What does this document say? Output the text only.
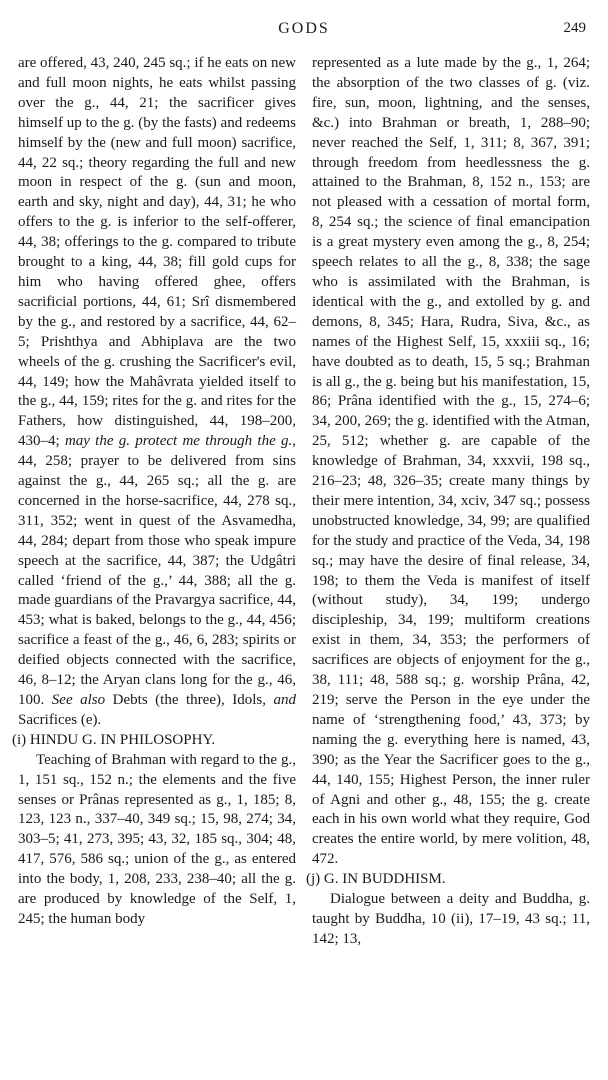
GODS	249

are offered, 43, 240, 245 sq.; if he eats on new and full moon nights, he eats whilst passing over the g., 44, 21; the sacrificer gives himself up to the g. (by the fasts) and redeems himself by the (new and full moon) sacrifice, 44, 22 sq.; theory regarding the full and new moon in respect of the g. (sun and moon, earth and sky, night and day), 44, 31; he who offers to the g. is inferior to the self-offerer, 44, 38; offerings to the g. compared to tribute brought to a king, 44, 38; fill gold cups for him who having offered ghee, offers sacrificial portions, 44, 61; Srî dismembered by the g., and restored by a sacrifice, 44, 62–5; Prishthya and Abhiplava are the two wheels of the g. crushing the Sacrificer's evil, 44, 149; how the Mahâvrata yielded itself to the g., 44, 159; rites for the g. and rites for the Fathers, how distinguished, 44, 198–200, 430–4; may the g. protect me through the g., 44, 258; prayer to be delivered from sins against the g., 44, 265 sq.; all the g. are concerned in the horse-sacrifice, 44, 278 sq., 311, 352; went in quest of the Asvamedha, 44, 284; depart from those who speak impure speech at the sacrifice, 44, 387; the Udgâtri called ‘friend of the g.,’ 44, 388; all the g. made guardians of the Pravargya sacrifice, 44, 453; what is baked, belongs to the g., 44, 456; sacrifice a feast of the g., 46, 6, 283; spirits or deified objects connected with the sacrifice, 46, 8–12; the Aryan clans long for the g., 46, 100. See also Debts (the three), Idols, and Sacrifices (e).

(i) HINDU G. IN PHILOSOPHY.

Teaching of Brahman with regard to the g., 1, 151 sq., 152 n.; the elements and the five senses or Prânas represented as g., 1, 185; 8, 123, 123 n., 337–40, 349 sq.; 15, 98, 274; 34, 303–5; 41, 273, 395; 43, 32, 185 sq., 304; 48, 417, 576, 586 sq.; union of the g., as entered into the body, 1, 208, 233, 238–40; all the g. are produced by knowledge of the Self, 1, 245; the human body

represented as a lute made by the g., 1, 264; the absorption of the two classes of g. (viz. fire, sun, moon, lightning, and the senses, &c.) into Brahman or breath, 1, 288–90; never reached the Self, 1, 311; 8, 367, 391; through freedom from heedlessness the g. attained to the Brahman, 8, 152 n., 153; are not pleased with a cessation of mortal form, 8, 254 sq.; the science of final emancipation is a great mystery even among the g., 8, 254; speech relates to all the g., 8, 338; the sage who is assimilated with the Brahman, is identical with the g., and extolled by g. and demons, 8, 345; Hara, Rudra, Siva, &c., as names of the Highest Self, 15, xxxiii sq., 16; have doubted as to death, 15, 5 sq.; Brahman is all g., the g. being but his manifestation, 15, 86; Prâna identified with the g., 15, 274–6; 34, 200, 269; the g. identified with the Atman, 25, 512; whether g. are capable of the knowledge of Brahman, 34, xxxvii, 198 sq., 216–23; 48, 326–35; create many things by their mere intention, 34, xciv, 347 sq.; possess unobstructed knowledge, 34, 99; are qualified for the study and practice of the Veda, 34, 198 sq.; may have the desire of final release, 34, 198; to them the Veda is manifest of itself (without study), 34, 199; undergo discipleship, 34, 199; multiform creations exist in them, 34, 353; the performers of sacrifices are objects of enjoyment for the g., 38, 111; 48, 588 sq.; g. worship Prâna, 42, 219; serve the Person in the eye under the name of ‘strengthening food,’ 43, 373; by naming the g. everything here is named, 43, 390; as the Year the Sacrificer goes to the g., 44, 140, 155; Highest Person, the inner ruler of Agni and other g., 48, 155; the g. create each in his own world what they require, God creates the entire world, by mere volition, 48, 472.

(j) G. IN BUDDHISM.

Dialogue between a deity and Buddha, g. taught by Buddha, 10 (ii), 17–19, 43 sq.; 11, 142; 13,
